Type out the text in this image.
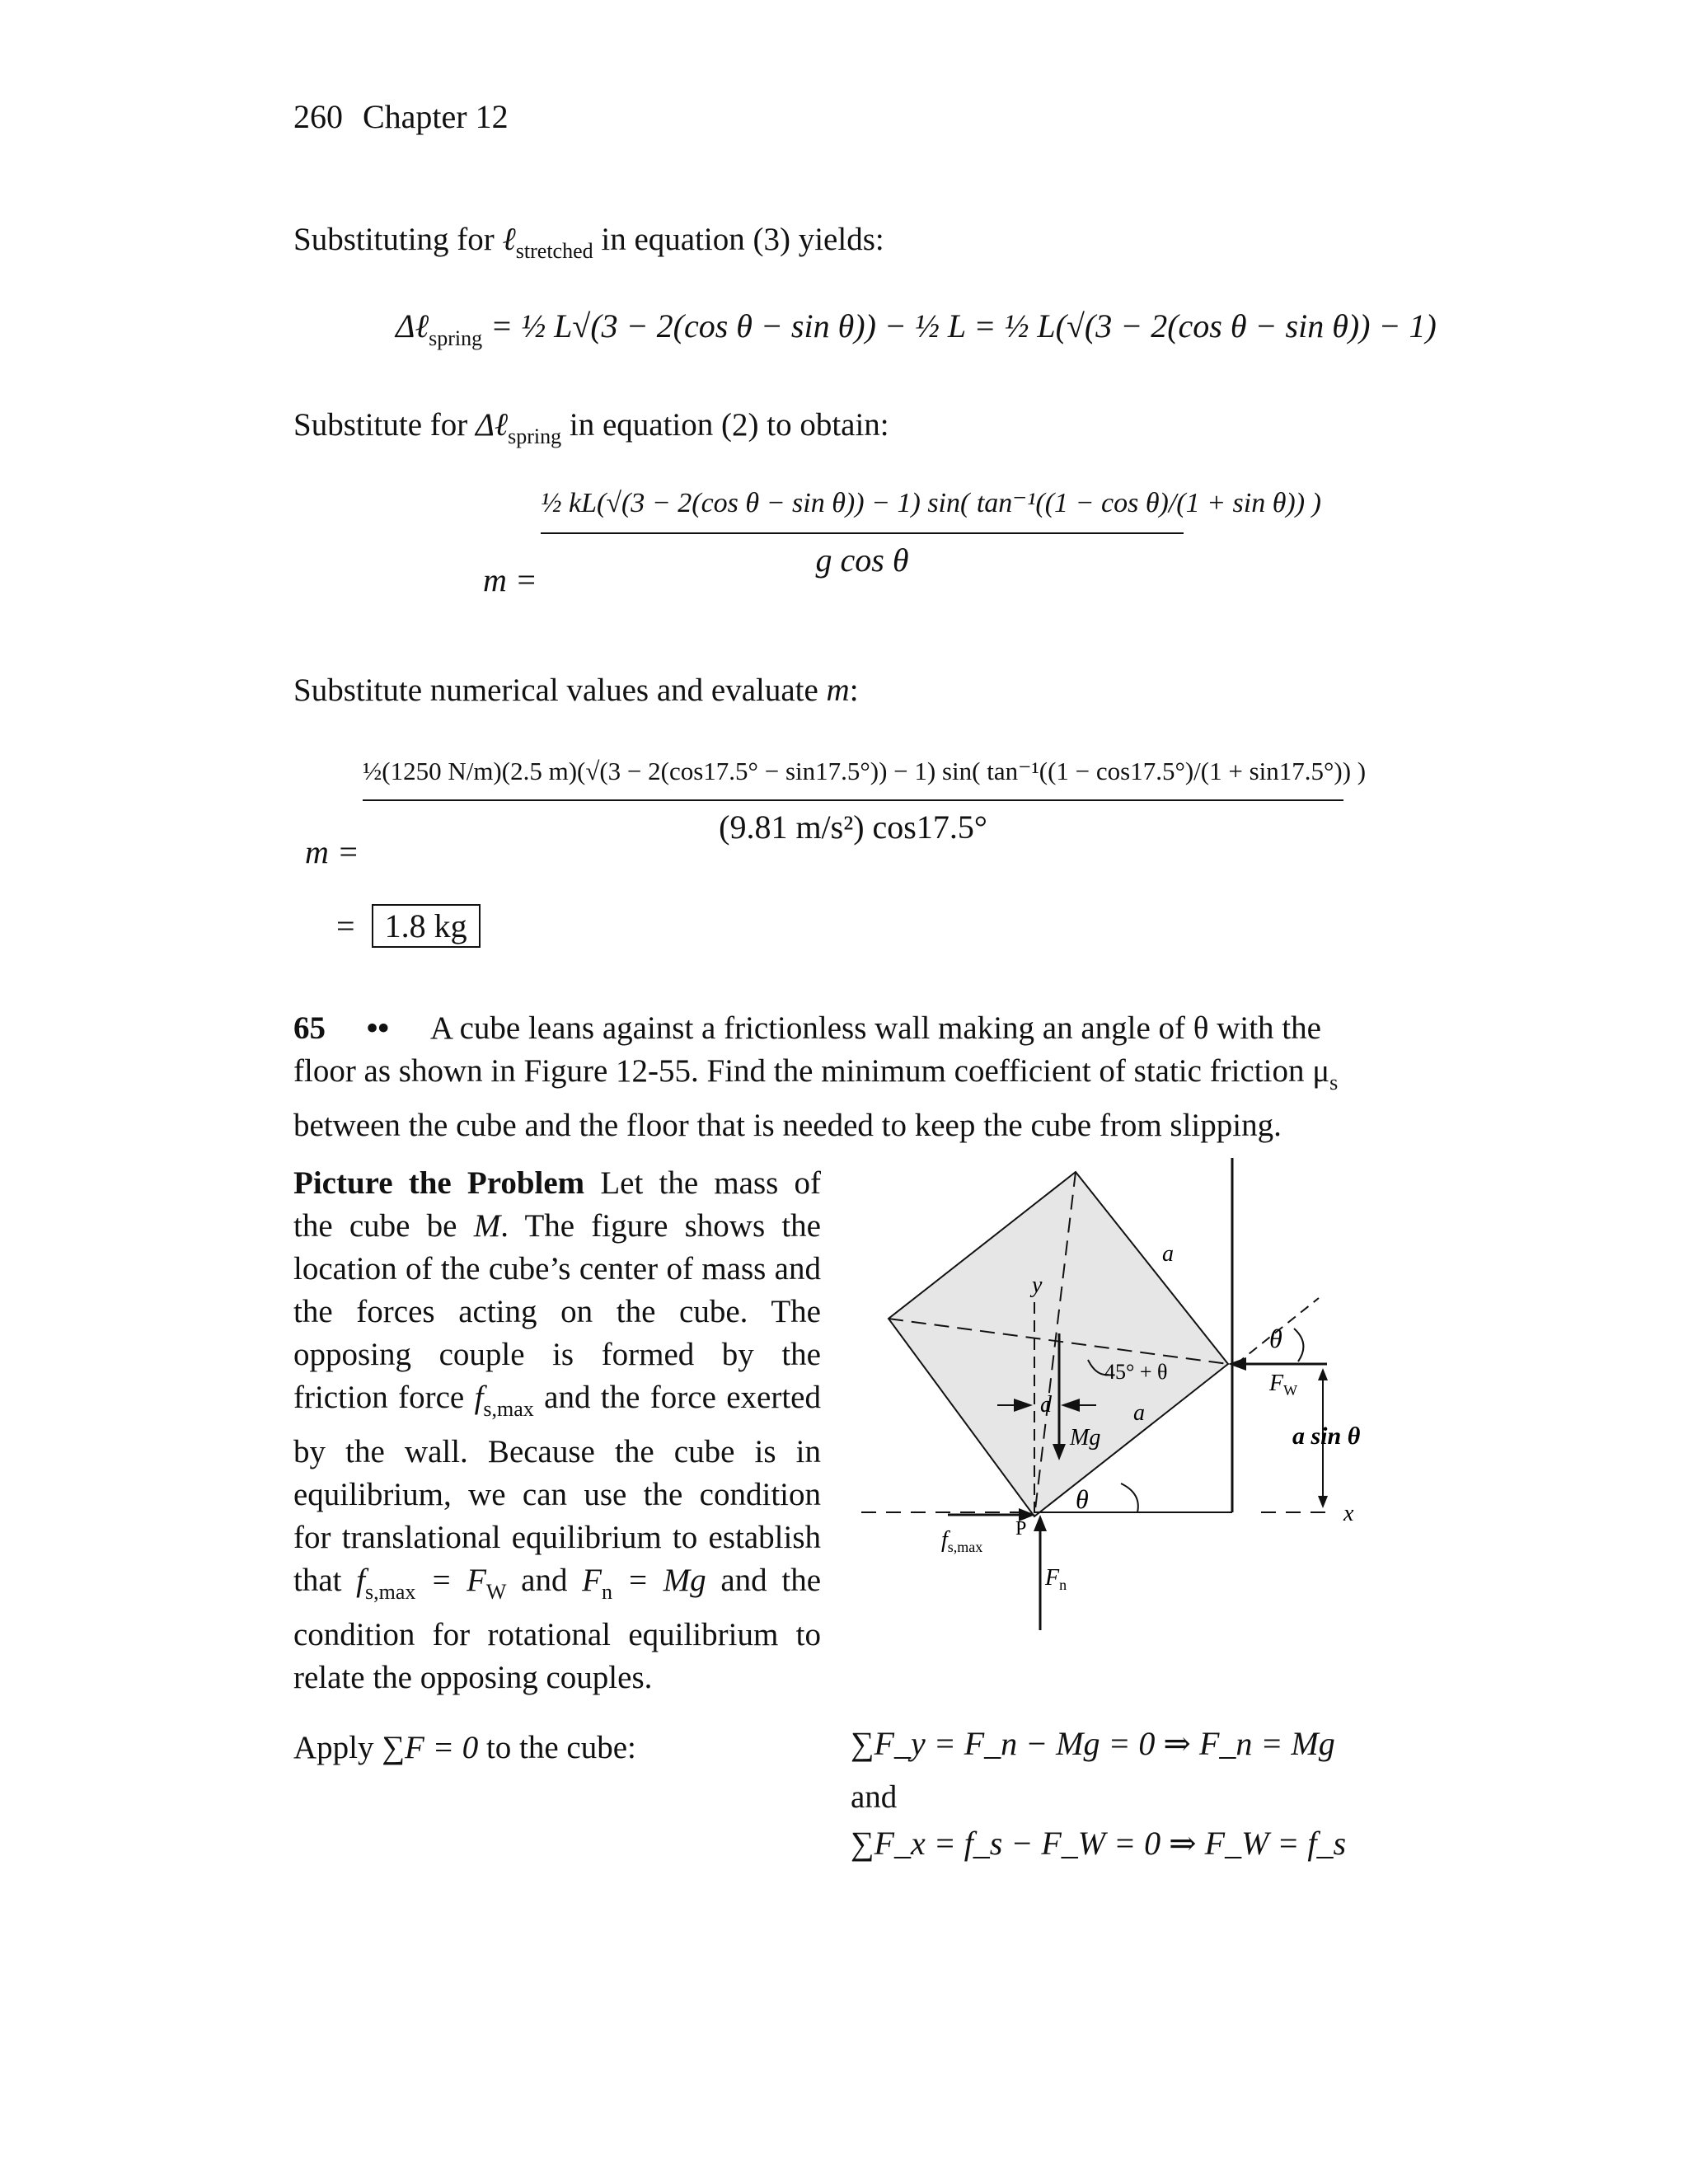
260 Chapter 12
Substituting for ℓ$_{stretched}$ in equation (3) yields:
Δℓ$_{spring}$ = ½ L√(3 − 2(cos θ − sin θ)) − ½ L = ½ L(√(3 − 2(cos θ − sin θ)) − 1)
Substitute for Δℓ$_{spring}$ in equation (2) to obtain:
m =
½ kL(√(3 − 2(cos θ − sin θ)) − 1) sin( tan⁻¹((1 − cos θ)/(1 + sin θ)) )
g cos θ
Substitute numerical values and evaluate m:
m =
½(1250 N/m)(2.5 m)(√(3 − 2(cos17.5° − sin17.5°)) − 1) sin( tan⁻¹((1 − cos17.5°)/(1 + sin17.5°)) )
(9.81 m/s²) cos17.5°
= 1.8 kg
65 •• A cube leans against a frictionless wall making an angle of θ with the
floor as shown in Figure 12-55. Find the minimum coefficient of static friction $\mu_s$
between the cube and the floor that is needed to keep the cube from slipping.
Picture the Problem Let the mass of the cube be M. The figure shows the location of the cube’s center of mass and the forces acting on the cube. The opposing couple is formed by the friction force $f_{s,max}$ and the force exerted by the wall. Because the cube is in equilibrium, we can use the condition for translational equilibrium to establish that $f_{s,max} = F_W$ and $F_n = Mg$ and the condition for rotational equilibrium to relate the opposing couples.
a
y
θ
45° + θ	$F_W$
a
d
Mg	a sin θ
θ	x
P
$f_{s,max}$
$F_n$
Apply ∑F = 0 to the cube:	∑F_y = F_n − Mg = 0 ⇒ F_n = Mg
and
∑F_x = f_s − F_W = 0 ⇒ F_W = f_s
